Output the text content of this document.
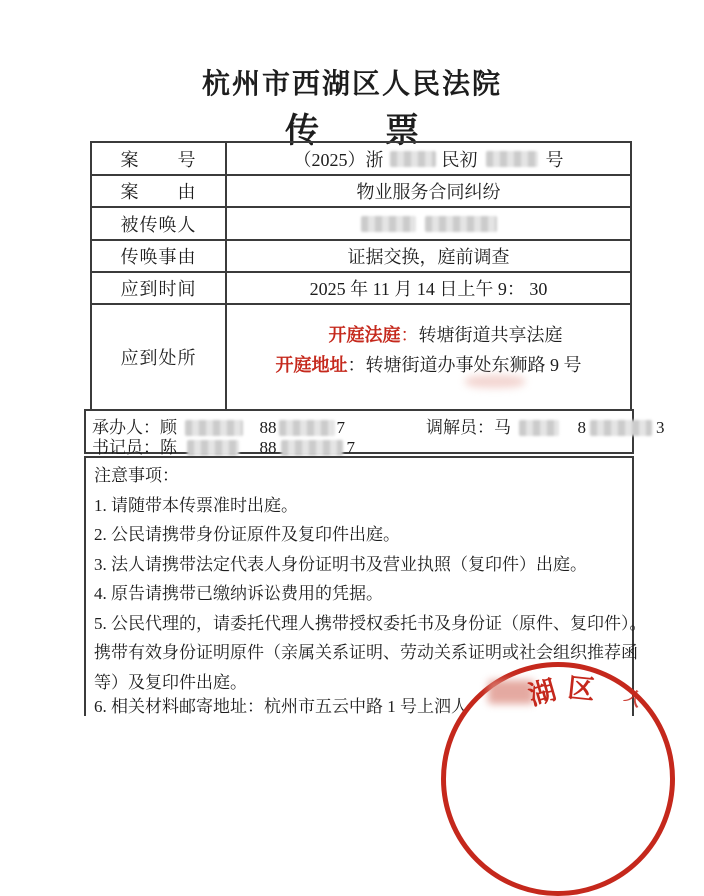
杭州市西湖区人民法院
传　票
案　　号	（2025）浙	民初	号
案　　由	物业服务合同纠纷
被传唤人
传唤事由	证据交换，庭前调查
应到时间	2025 年 11 月 14 日上午 9： 30
应到处所
开庭法庭：转塘街道共享法庭
开庭地址：转塘街道办事处东狮路 9 号
承办人：顾	88	7	调解员：马	8	3
书记员：陈	88	7
注意事项：
1. 请随带本传票准时出庭。
2. 公民请携带身份证原件及复印件出庭。
3. 法人请携带法定代表人身份证明书及营业执照（复印件）出庭。
4. 原告请携带已缴纳诉讼费用的凭据。
5. 公民代理的，请委托代理人携带授权委托书及身份证（原件、复印件）。
携带有效身份证明原件（亲属关系证明、劳动关系证明或社会组织推荐函
等）及复印件出庭。
6. 相关材料邮寄地址：杭州市五云中路 1 号上泗人	湖 区 人
